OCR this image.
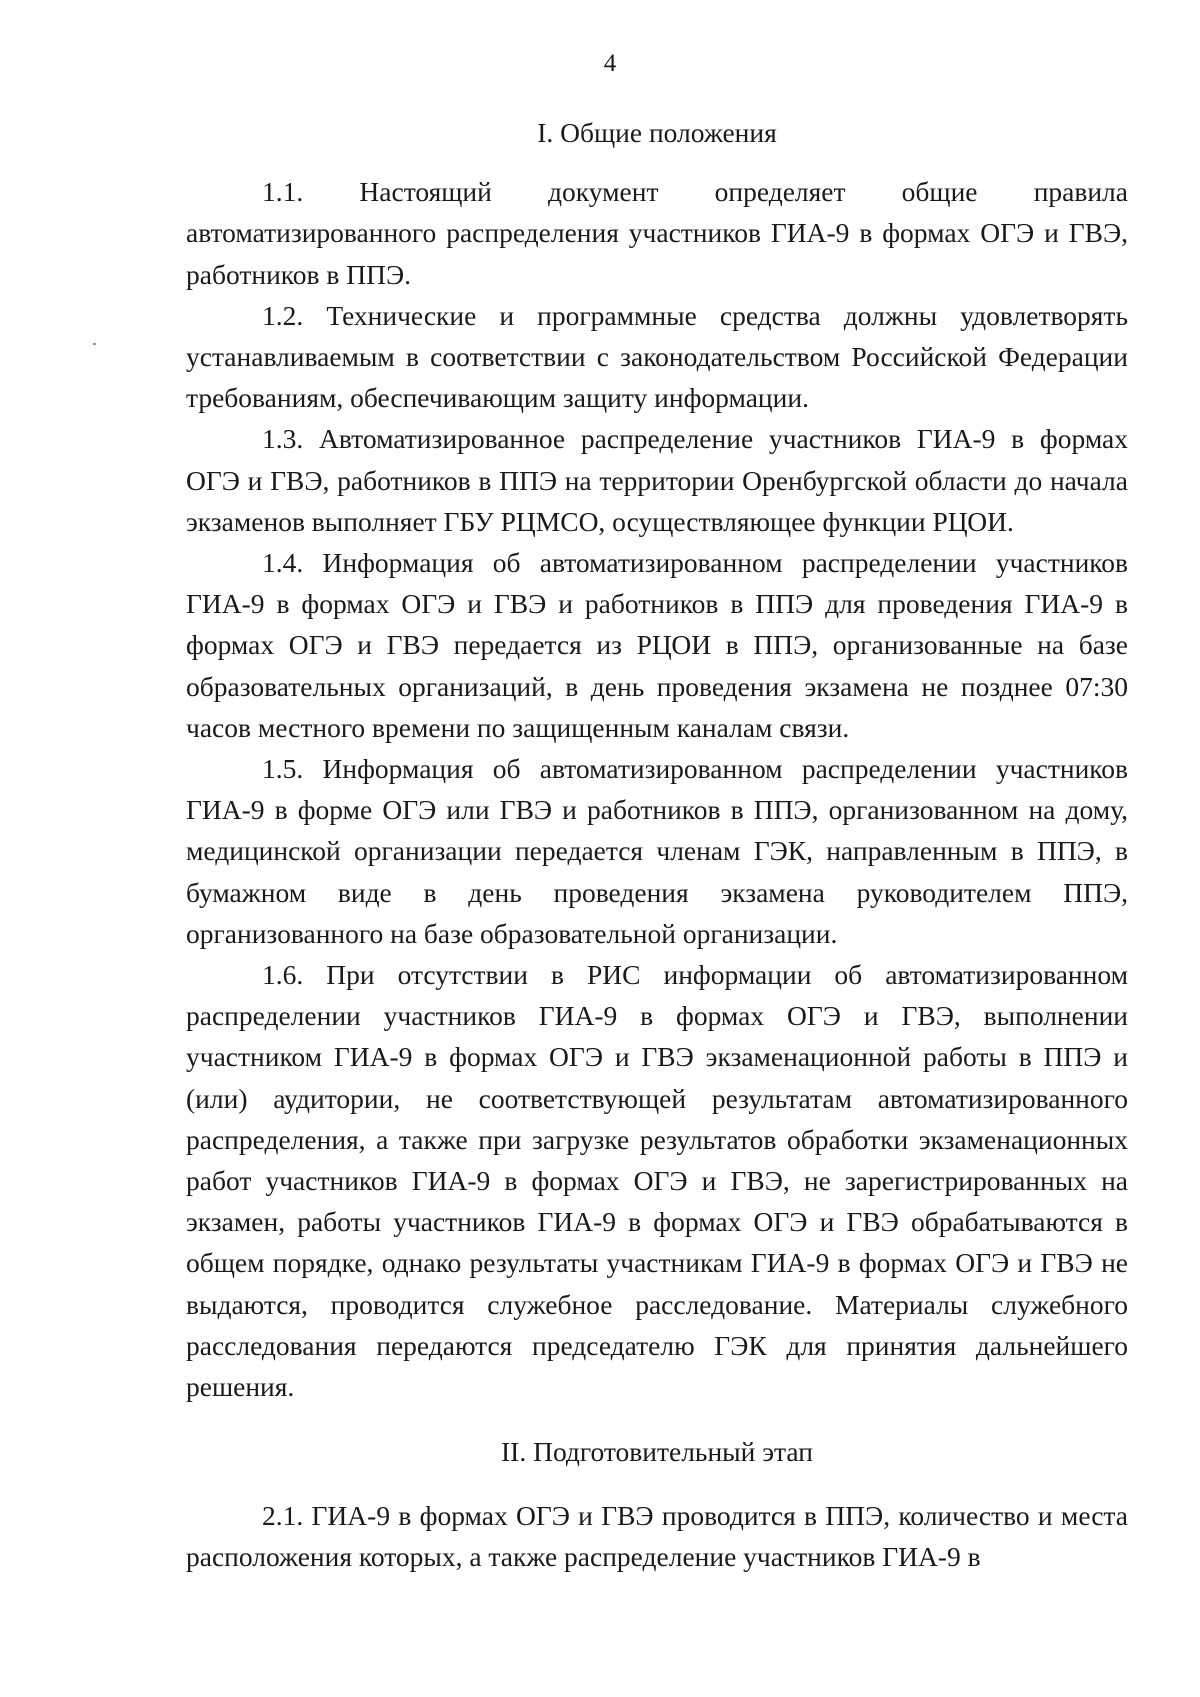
4
I. Общие положения

1.1. Настоящий документ определяет общие правила автоматизированного распределения участников ГИА-9 в формах ОГЭ и ГВЭ, работников в ППЭ.

1.2. Технические и программные средства должны удовлетворять устанавливаемым в соответствии с законодательством Российской Федерации требованиям, обеспечивающим защиту информации.

1.3. Автоматизированное распределение участников ГИА-9 в формах ОГЭ и ГВЭ, работников в ППЭ на территории Оренбургской области до начала экзаменов выполняет ГБУ РЦМСО, осуществляющее функции РЦОИ.

1.4. Информация об автоматизированном распределении участников ГИА-9 в формах ОГЭ и ГВЭ и работников в ППЭ для проведения ГИА-9 в формах ОГЭ и ГВЭ передается из РЦОИ в ППЭ, организованные на базе образовательных организаций, в день проведения экзамена не позднее 07:30 часов местного времени по защищенным каналам связи.

1.5. Информация об автоматизированном распределении участников ГИА-9 в форме ОГЭ или ГВЭ и работников в ППЭ, организованном на дому, медицинской организации передается членам ГЭК, направленным в ППЭ, в бумажном виде в день проведения экзамена руководителем ППЭ, организованного на базе образовательной организации.

1.6. При отсутствии в РИС информации об автоматизированном распределении участников ГИА-9 в формах ОГЭ и ГВЭ, выполнении участником ГИА-9 в формах ОГЭ и ГВЭ экзаменационной работы в ППЭ и (или) аудитории, не соответствующей результатам автоматизированного распределения, а также при загрузке результатов обработки экзаменационных работ участников ГИА-9 в формах ОГЭ и ГВЭ, не зарегистрированных на экзамен, работы участников ГИА-9 в формах ОГЭ и ГВЭ обрабатываются в общем порядке, однако результаты участникам ГИА-9 в формах ОГЭ и ГВЭ не выдаются, проводится служебное расследование. Материалы служебного расследования передаются председателю ГЭК для принятия дальнейшего решения.

II. Подготовительный этап

2.1. ГИА-9 в формах ОГЭ и ГВЭ проводится в ППЭ, количество и места расположения которых, а также распределение участников ГИА-9 в
